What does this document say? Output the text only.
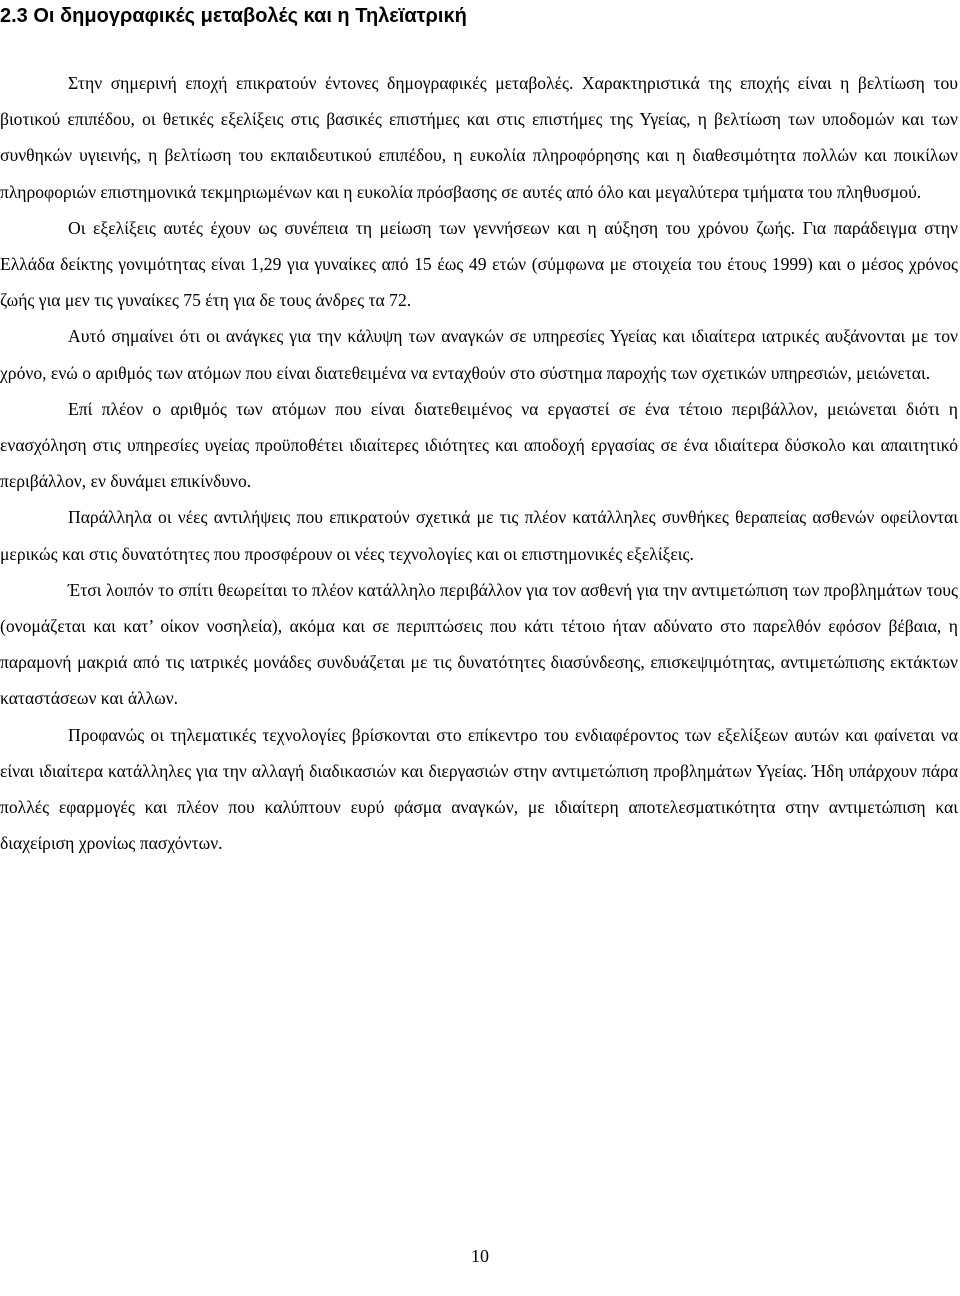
2.3 Οι δημογραφικές μεταβολές και η Τηλεϊατρική

Στην σημερινή εποχή επικρατούν έντονες δημογραφικές μεταβολές. Χαρακτηριστικά της εποχής είναι η βελτίωση του βιοτικού επιπέδου, οι θετικές εξελίξεις στις βασικές επιστήμες και στις επιστήμες της Υγείας, η βελτίωση των υποδομών και των συνθηκών υγιεινής, η βελτίωση του εκπαιδευτικού επιπέδου, η ευκολία πληροφόρησης και η διαθεσιμότητα πολλών και ποικίλων πληροφοριών επιστημονικά τεκμηριωμένων και η ευκολία πρόσβασης σε αυτές από όλο και μεγαλύτερα τμήματα του πληθυσμού.

Οι εξελίξεις αυτές έχουν ως συνέπεια τη μείωση των γεννήσεων και η αύξηση του χρόνου ζωής. Για παράδειγμα στην Ελλάδα δείκτης γονιμότητας είναι 1,29 για γυναίκες από 15 έως 49 ετών (σύμφωνα με στοιχεία του έτους 1999) και ο μέσος χρόνος ζωής για μεν τις γυναίκες 75 έτη για δε τους άνδρες τα 72.

Αυτό σημαίνει ότι οι ανάγκες για την κάλυψη των αναγκών σε υπηρεσίες Υγείας και ιδιαίτερα ιατρικές αυξάνονται με τον χρόνο, ενώ ο αριθμός των ατόμων που είναι διατεθειμένα να ενταχθούν στο σύστημα παροχής των σχετικών υπηρεσιών, μειώνεται.

Επί πλέον ο αριθμός των ατόμων που είναι διατεθειμένος να εργαστεί σε ένα τέτοιο περιβάλλον, μειώνεται διότι η ενασχόληση στις υπηρεσίες υγείας προϋποθέτει ιδιαίτερες ιδιότητες και αποδοχή εργασίας σε ένα ιδιαίτερα δύσκολο και απαιτητικό περιβάλλον, εν δυνάμει επικίνδυνο.

Παράλληλα οι νέες αντιλήψεις που επικρατούν σχετικά με τις πλέον κατάλληλες συνθήκες θεραπείας ασθενών οφείλονται μερικώς και στις δυνατότητες που προσφέρουν οι νέες τεχνολογίες και οι επιστημονικές εξελίξεις.

Έτσι λοιπόν το σπίτι θεωρείται το πλέον κατάλληλο περιβάλλον για τον ασθενή για την αντιμετώπιση των προβλημάτων τους (ονομάζεται και κατ’ οίκον νοσηλεία), ακόμα και σε περιπτώσεις που κάτι τέτοιο ήταν αδύνατο στο παρελθόν εφόσον βέβαια, η παραμονή μακριά από τις ιατρικές μονάδες συνδυάζεται με τις δυνατότητες διασύνδεσης, επισκεψιμότητας, αντιμετώπισης εκτάκτων καταστάσεων και άλλων.

Προφανώς οι τηλεματικές τεχνολογίες βρίσκονται στο επίκεντρο του ενδιαφέροντος των εξελίξεων αυτών και φαίνεται να είναι ιδιαίτερα κατάλληλες για την αλλαγή διαδικασιών και διεργασιών στην αντιμετώπιση προβλημάτων Υγείας. Ήδη υπάρχουν πάρα πολλές εφαρμογές και πλέον που καλύπτουν ευρύ φάσμα αναγκών, με ιδιαίτερη αποτελεσματικότητα στην αντιμετώπιση και διαχείριση χρονίως πασχόντων.

10
